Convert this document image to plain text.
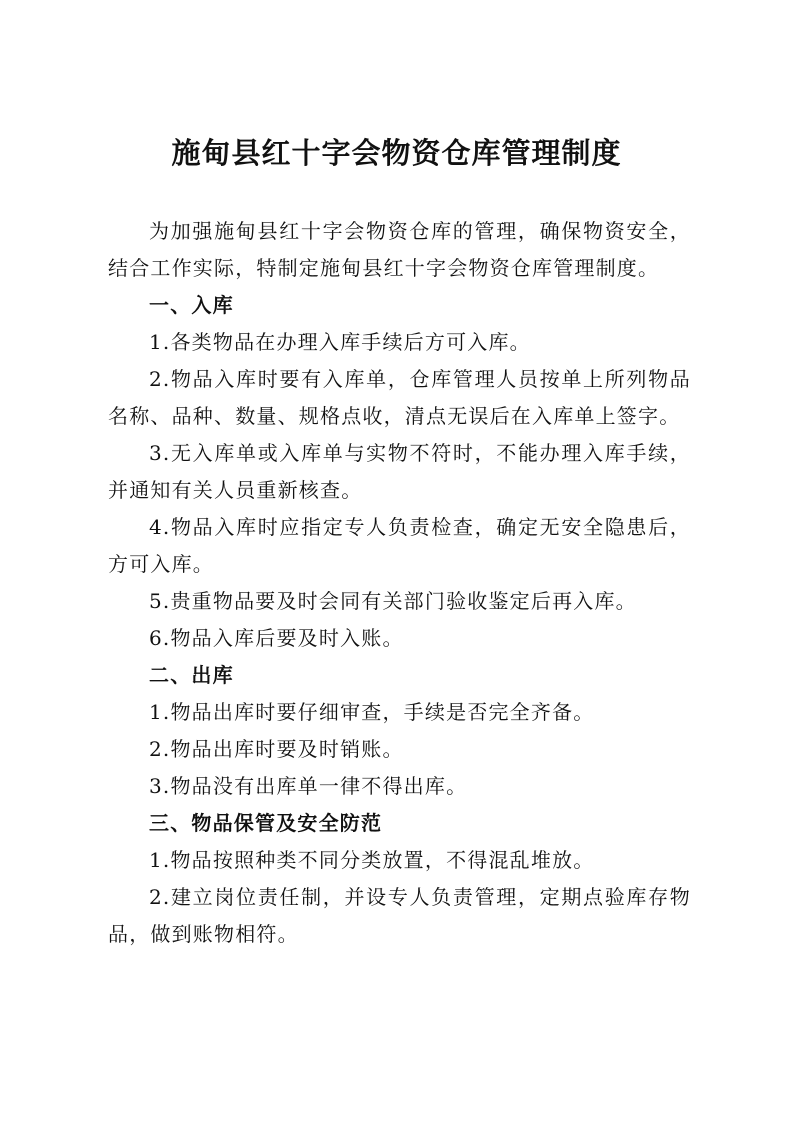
施甸县红十字会物资仓库管理制度

为加强施甸县红十字会物资仓库的管理，确保物资安全，结合工作实际，特制定施甸县红十字会物资仓库管理制度。

一、入库

1.各类物品在办理入库手续后方可入库。

2.物品入库时要有入库单，仓库管理人员按单上所列物品名称、品种、数量、规格点收，清点无误后在入库单上签字。

3.无入库单或入库单与实物不符时，不能办理入库手续，并通知有关人员重新核查。

4.物品入库时应指定专人负责检查，确定无安全隐患后，方可入库。

5.贵重物品要及时会同有关部门验收鉴定后再入库。

6.物品入库后要及时入账。

二、出库

1.物品出库时要仔细审查，手续是否完全齐备。

2.物品出库时要及时销账。

3.物品没有出库单一律不得出库。

三、物品保管及安全防范

1.物品按照种类不同分类放置，不得混乱堆放。

2.建立岗位责任制，并设专人负责管理，定期点验库存物品，做到账物相符。
